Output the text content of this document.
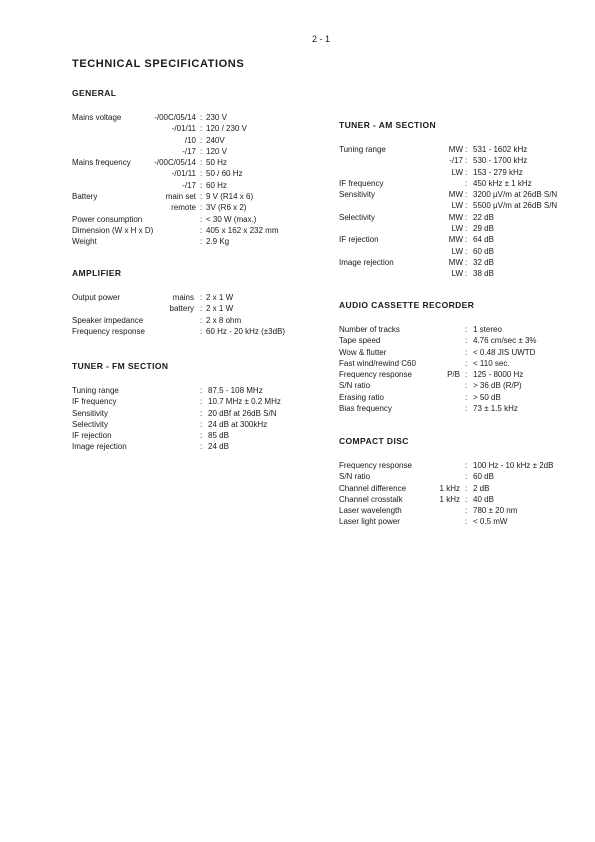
2 - 1
TECHNICAL SPECIFICATIONS
GENERAL
Mains voltage	-/00C/05/14 : 230 V
-/01/11 : 120 / 230 V
/10 : 240V
-/17 : 120 V
Mains frequency	-/00C/05/14 : 50 Hz
-/01/11 : 50 / 60 Hz
-/17 : 60 Hz
Battery	main set : 9 V (R14 x 6)
remote : 3V (R6 x 2)
Power consumption	: < 30 W (max.)
Dimension (W x H x D)	: 405 x 162 x 232 mm
Weight	: 2.9 Kg
AMPLIFIER
Output power	mains : 2 x 1 W
battery : 2 x 1 W
Speaker impedance	: 2 x 8 ohm
Frequency response	: 60 Hz - 20 kHz (±3dB)
TUNER - FM SECTION
Tuning range	: 87.5 - 108 MHz
IF frequency	: 10.7 MHz ± 0.2 MHz
Sensitivity	: 20 dBf at 26dB S/N
Selectivity	: 24 dB at 300kHz
IF rejection	: 85 dB
Image rejection	: 24 dB
TUNER - AM SECTION
Tuning range	MW : 531 - 1602 kHz
-/17 : 530 - 1700 kHz
LW : 153 - 279 kHz
IF frequency	: 450 kHz ± 1 kHz
Sensitivity	MW : 3200 µV/m at 26dB S/N
LW : 5500 µV/m at 26dB S/N
Selectivity	MW : 22 dB
LW : 29 dB
IF rejection	MW : 64 dB
LW : 60 dB
Image rejection	MW : 32 dB
LW : 38 dB
AUDIO CASSETTE RECORDER
Number of tracks	: 1 stereo
Tape speed	: 4.76 cm/sec ± 3%
Wow & flutter	: < 0.48 JIS UWTD
Fast wind/rewind C60	: < 110 sec.
Frequency response	P/B : 125 - 8000 Hz
S/N ratio	: > 36 dB (R/P)
Erasing ratio	: > 50 dB
Bias frequency	: 73 ± 1.5 kHz
COMPACT DISC
Frequency response	: 100 Hz - 10 kHz ± 2dB
S/N ratio	: 60 dB
Channel difference	1 kHz : 2 dB
Channel crosstalk	1 kHz : 40 dB
Laser wavelength	: 780 ± 20 nm
Laser light power	: < 0.5 mW
